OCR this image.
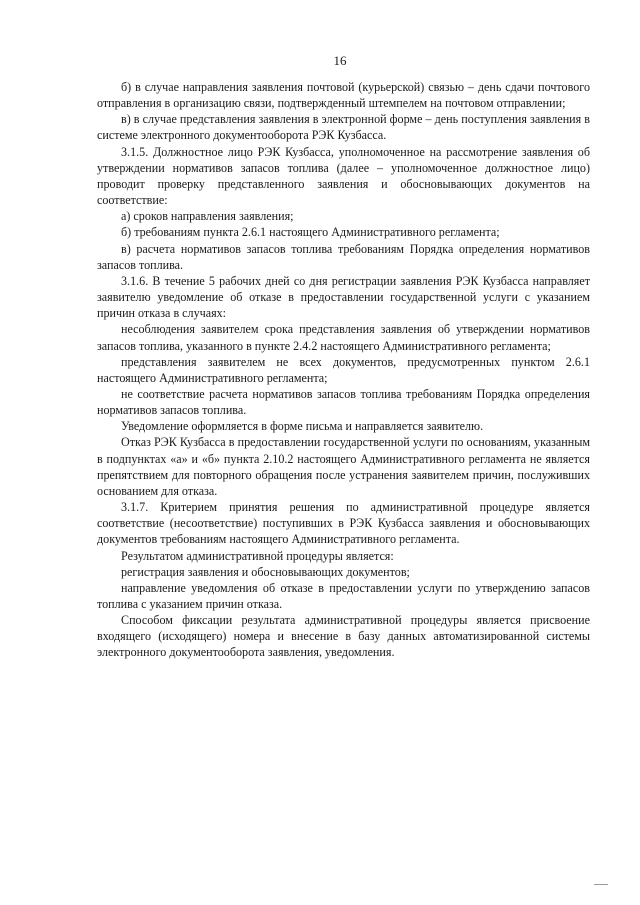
16

б) в случае направления заявления почтовой (курьерской) связью – день сдачи почтового отправления в организацию связи, подтвержденный штемпелем на почтовом отправлении;

в) в случае представления заявления в электронной форме – день поступления заявления в системе электронного документооборота РЭК Кузбасса.

3.1.5. Должностное лицо РЭК Кузбасса, уполномоченное на рассмотрение заявления об утверждении нормативов запасов топлива (далее – уполномоченное должностное лицо) проводит проверку представленного заявления и обосновывающих документов на соответствие:

а) сроков направления заявления;

б) требованиям пункта 2.6.1 настоящего Административного регламента;

в) расчета нормативов запасов топлива требованиям Порядка определения нормативов запасов топлива.

3.1.6. В течение 5 рабочих дней со дня регистрации заявления РЭК Кузбасса направляет заявителю уведомление об отказе в предоставлении государственной услуги с указанием причин отказа в случаях:

несоблюдения заявителем срока представления заявления об утверждении нормативов запасов топлива, указанного в пункте 2.4.2 настоящего Административного регламента;

представления заявителем не всех документов, предусмотренных пунктом 2.6.1 настоящего Административного регламента;

не соответствие расчета нормативов запасов топлива требованиям Порядка определения нормативов запасов топлива.

Уведомление оформляется в форме письма и направляется заявителю.

Отказ РЭК Кузбасса в предоставлении государственной услуги по основаниям, указанным в подпунктах «а» и «б» пункта 2.10.2 настоящего Административного регламента не является препятствием для повторного обращения после устранения заявителем причин, послуживших основанием для отказа.

3.1.7. Критерием принятия решения по административной процедуре является соответствие (несоответствие) поступивших в РЭК Кузбасса заявления и обосновывающих документов требованиям настоящего Административного регламента.

Результатом административной процедуры является:

регистрация заявления и обосновывающих документов;

направление уведомления об отказе в предоставлении услуги по утверждению запасов топлива с указанием причин отказа.

Способом фиксации результата административной процедуры является присвоение входящего (исходящего) номера и внесение в базу данных автоматизированной системы электронного документооборота заявления, уведомления.
